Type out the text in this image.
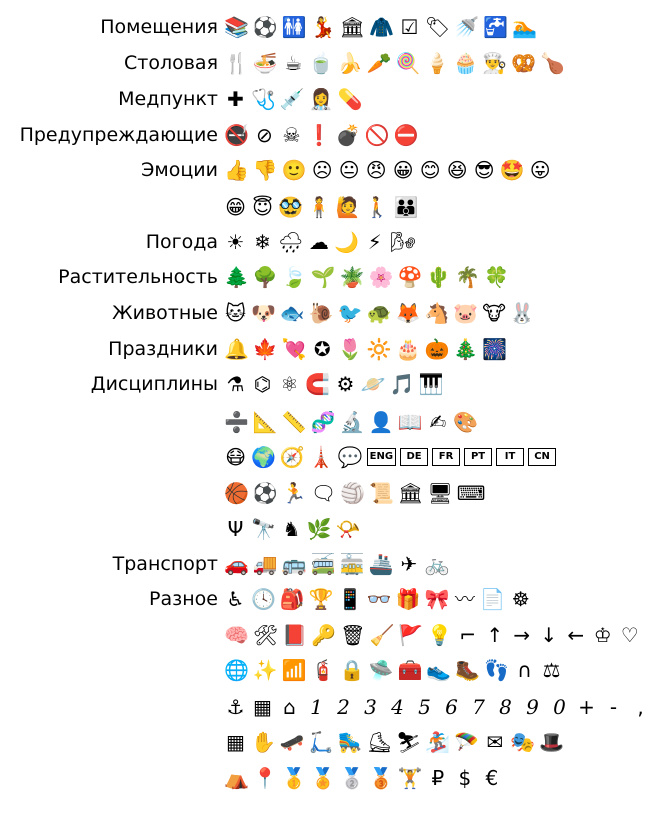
Помещения 📚 ⚽ 🚻 💃 🏛 🧥 ☑ 🏷 🚿 🚰 🏊
Столовая 🍴 🍜 ☕ 🍵 🍌 🥕 🍭 🍦 🧁 👨‍🍳 🥨 🍗
Медпункт ✚ 🩺 💉 👩‍⚕ 💊
Предупреждающие 🚭 ⊘ ☠ ❗ 💣 🚫 ⛔
Эмоции 👍 👎 🙂 ☹ 😐 😠 😀 😊 😆 😎 🤩 😛
😁 😇 🥸 🧍 🙋 🚶 👪
Погода ☀ ❄ 🌧 ☁ 🌙 ⚡ 🌬
Растительность 🌲 🌳 🍃 🌱 🪴 🌸 🍄 🌵 🌴 🍀
Животные 🐱 🐶 🐟 🐌 🐦 🐢 🦊 🐴 🐷 🐮 🐰
Праздники 🔔 🍁 💘 ✪ 🌷 🔆 🎂 🎃 🎄 🎆
Дисциплины ⚗ ⌬ ⚛ 🧲 ⚙ 🪐 🎵 🎹
➗ 📐 📏 🧬 🔬 👤 📖 ✍ 🎨
😷 🌍 🧭 🗼 💬 ENG	DE	FR	PT	IT	CN
🏀 ⚽ 🏃 🗨 🏐 📜 🏛 🖥 ⌨
Ψ 🔭 ♞ 🌿 📯
Транспорт 🚗 🚚 🚌 🚎 🚋 🚢 ✈ 🚲
Разное ♿ 🕓 🎒 🏆 📱 👓 🎁 🎀 〰 📄 ☸
🧠 🛠 📕 🔑 🗑 🧹 🚩 💡 ⌐ ↑ → ↓ ← ♔ ♡
🌐 ✨ 📶 🧯 🔒 🛸 🧰 👟 🥾 👣 ∩ ⚖
⚓ ▦ ⌂ 1 2 3 4 5 6 7 8 9 0 + -	,
▦ ✋ 🛹 🛴 🛼 ⛸ ⛷ 🏂 🪂 ✉ 🎭 🎩
⛺ 📍 🥇 🏅 🥈 🥉 🏋 ₽ $ €
